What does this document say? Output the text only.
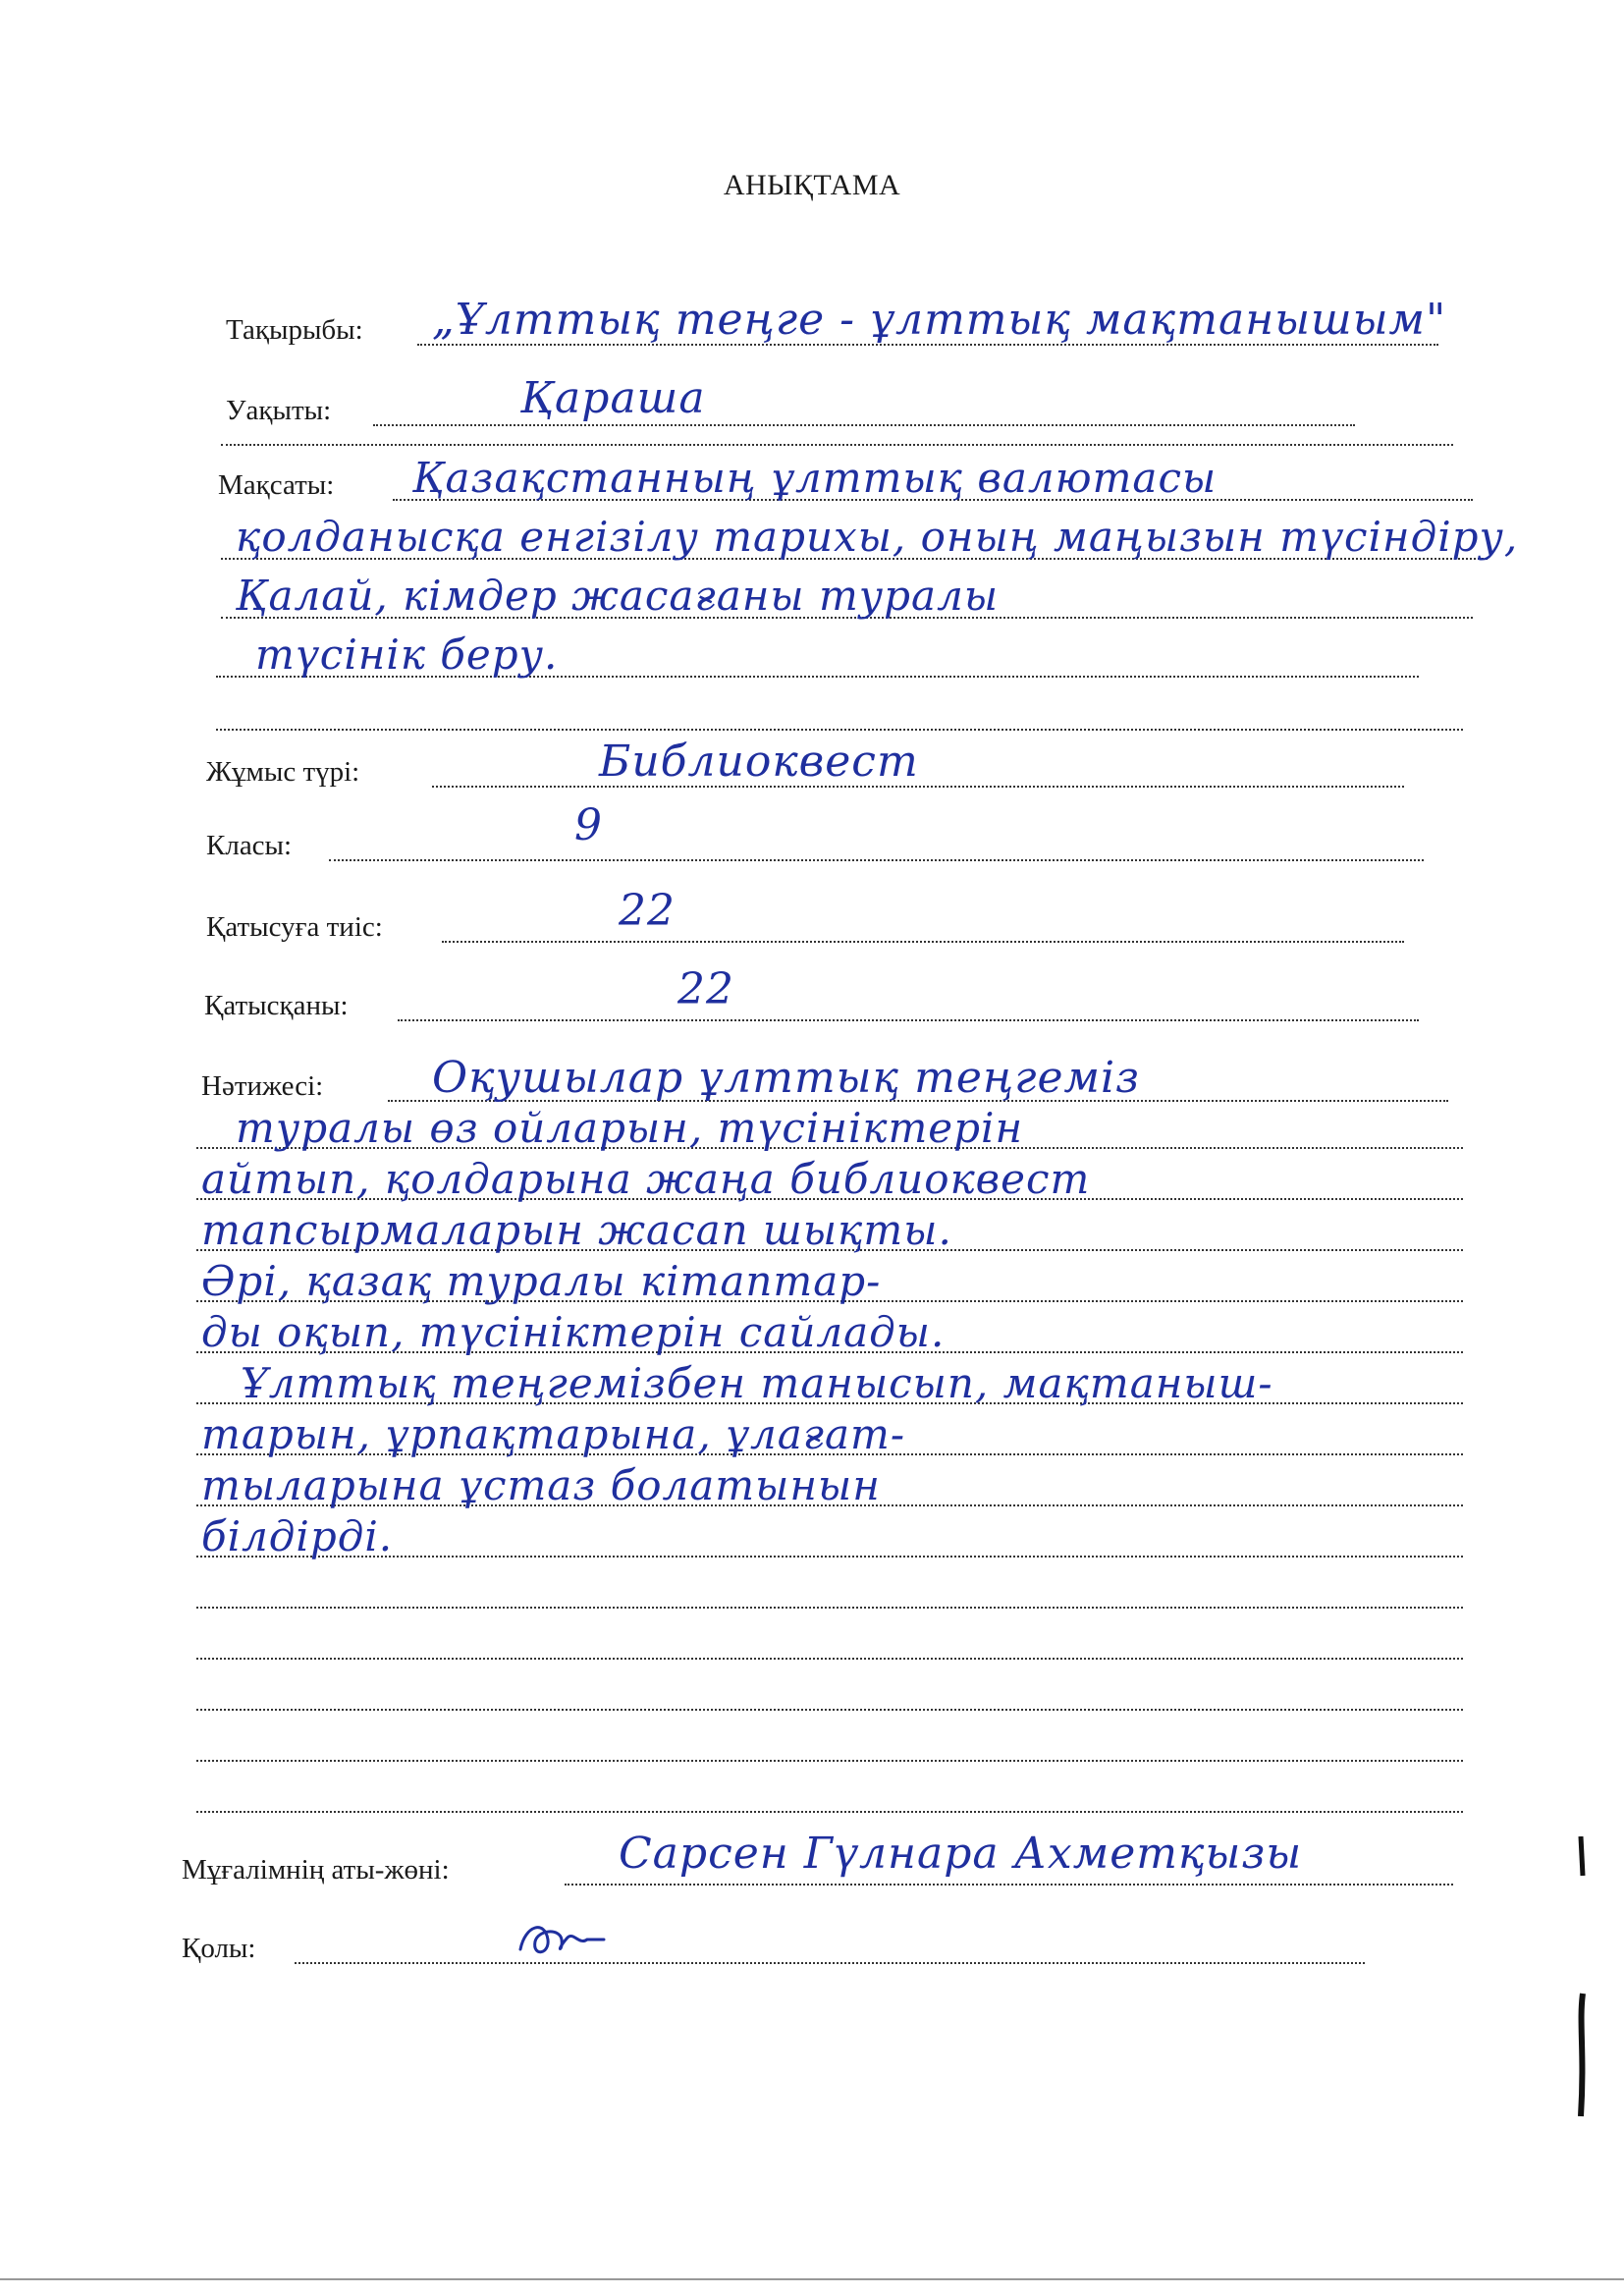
АНЫҚТАМА
Тақырыбы: „Ұлттық теңге - ұлттық мақтанышым"
Уақыты:	Қараша
Мақсаты: Қазақстанның ұлттық валютасы
қолданысқа енгізілу тарихы, оның маңызын түсіндіру,
Қалай, кімдер жасағаны туралы
түсінік беру.
Жұмыс түрі:	Библиоквест
Класы:	9
Қатысуға тиіс:	22
Қатысқаны:	22
Нәтижесі:	Оқушылар ұлттық теңгеміз
туралы өз ойларын, түсініктерін
айтып, қолдарына жаңа библиоквест
тапсырмаларын жасап шықты.
Әрі, қазақ туралы кітаптар-
ды оқып, түсініктерін сайлады.
Ұлттық теңгемізбен танысып, мақтаныш-
тарын, ұрпақтарына, ұлағат-
тыларына ұстаз болатынын
білдірді.
Мұғалімнің аты-жөні:	Сарсен Гүлнара Ахметқызы
Қолы:
